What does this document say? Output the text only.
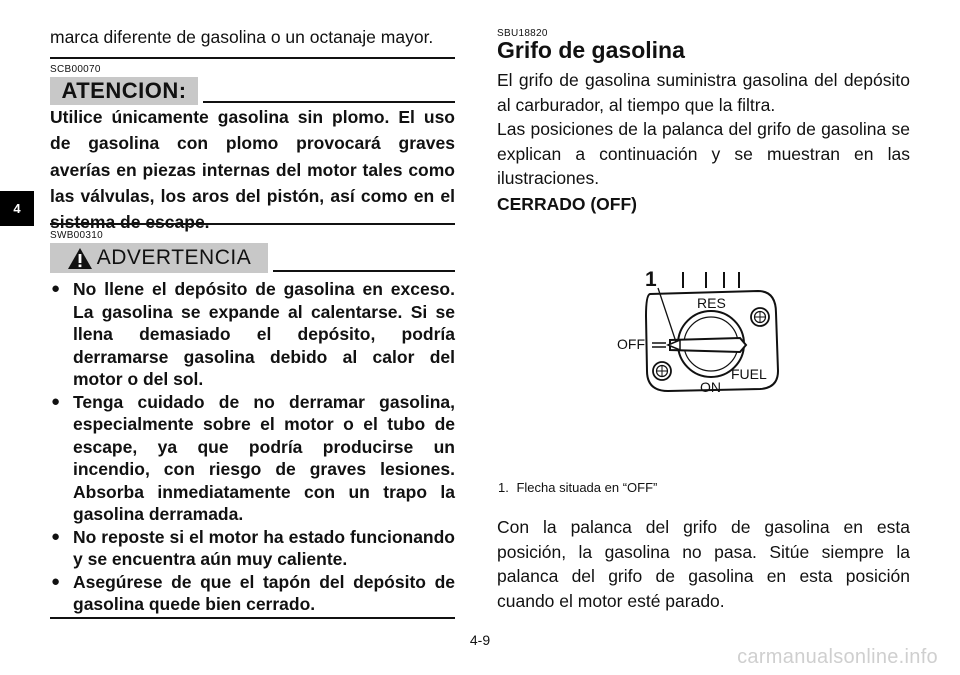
4
marca diferente de gasolina o un octanaje mayor.
SCB00070
ATENCION:
Utilice únicamente gasolina sin plomo. El uso de gasolina con plomo provocará graves averías en piezas internas del motor tales como las válvulas, los aros del pistón, así como en el
SWB00310
ADVERTENCIA
● No llene el depósito de gasolina en exceso. La gasolina se expande al calentarse. Si se llena demasiado el depósito, podría derramarse gasolina debido al calor del motor o del sol.
● Tenga cuidado de no derramar gasolina, especialmente sobre el motor o el tubo de escape, ya que podría producirse un incendio, con riesgo de graves lesiones. Absorba inmediatamente con un trapo la gasolina derramada.
● No reposte si el motor ha estado funcionando y se encuentra aún muy caliente.
● Asegúrese de que el tapón del depósito de gasolina quede bien cerrado.
SBU18820
Grifo de gasolina
El grifo de gasolina suministra gasolina del depósito al carburador, al tiempo que la filtra.
Las posiciones de la palanca del grifo de gasolina se explican a continuación y se muestran en las ilustraciones.
CERRADO (OFF)
1
RES
OFF
ON
FUEL
1. Flecha situada en “OFF”
Con la palanca del grifo de gasolina en esta posición, la gasolina no pasa. Sitúe siempre la palanca del grifo de gasolina en esta posición cuando el motor esté parado.
4-9
carmanualsonline.info
